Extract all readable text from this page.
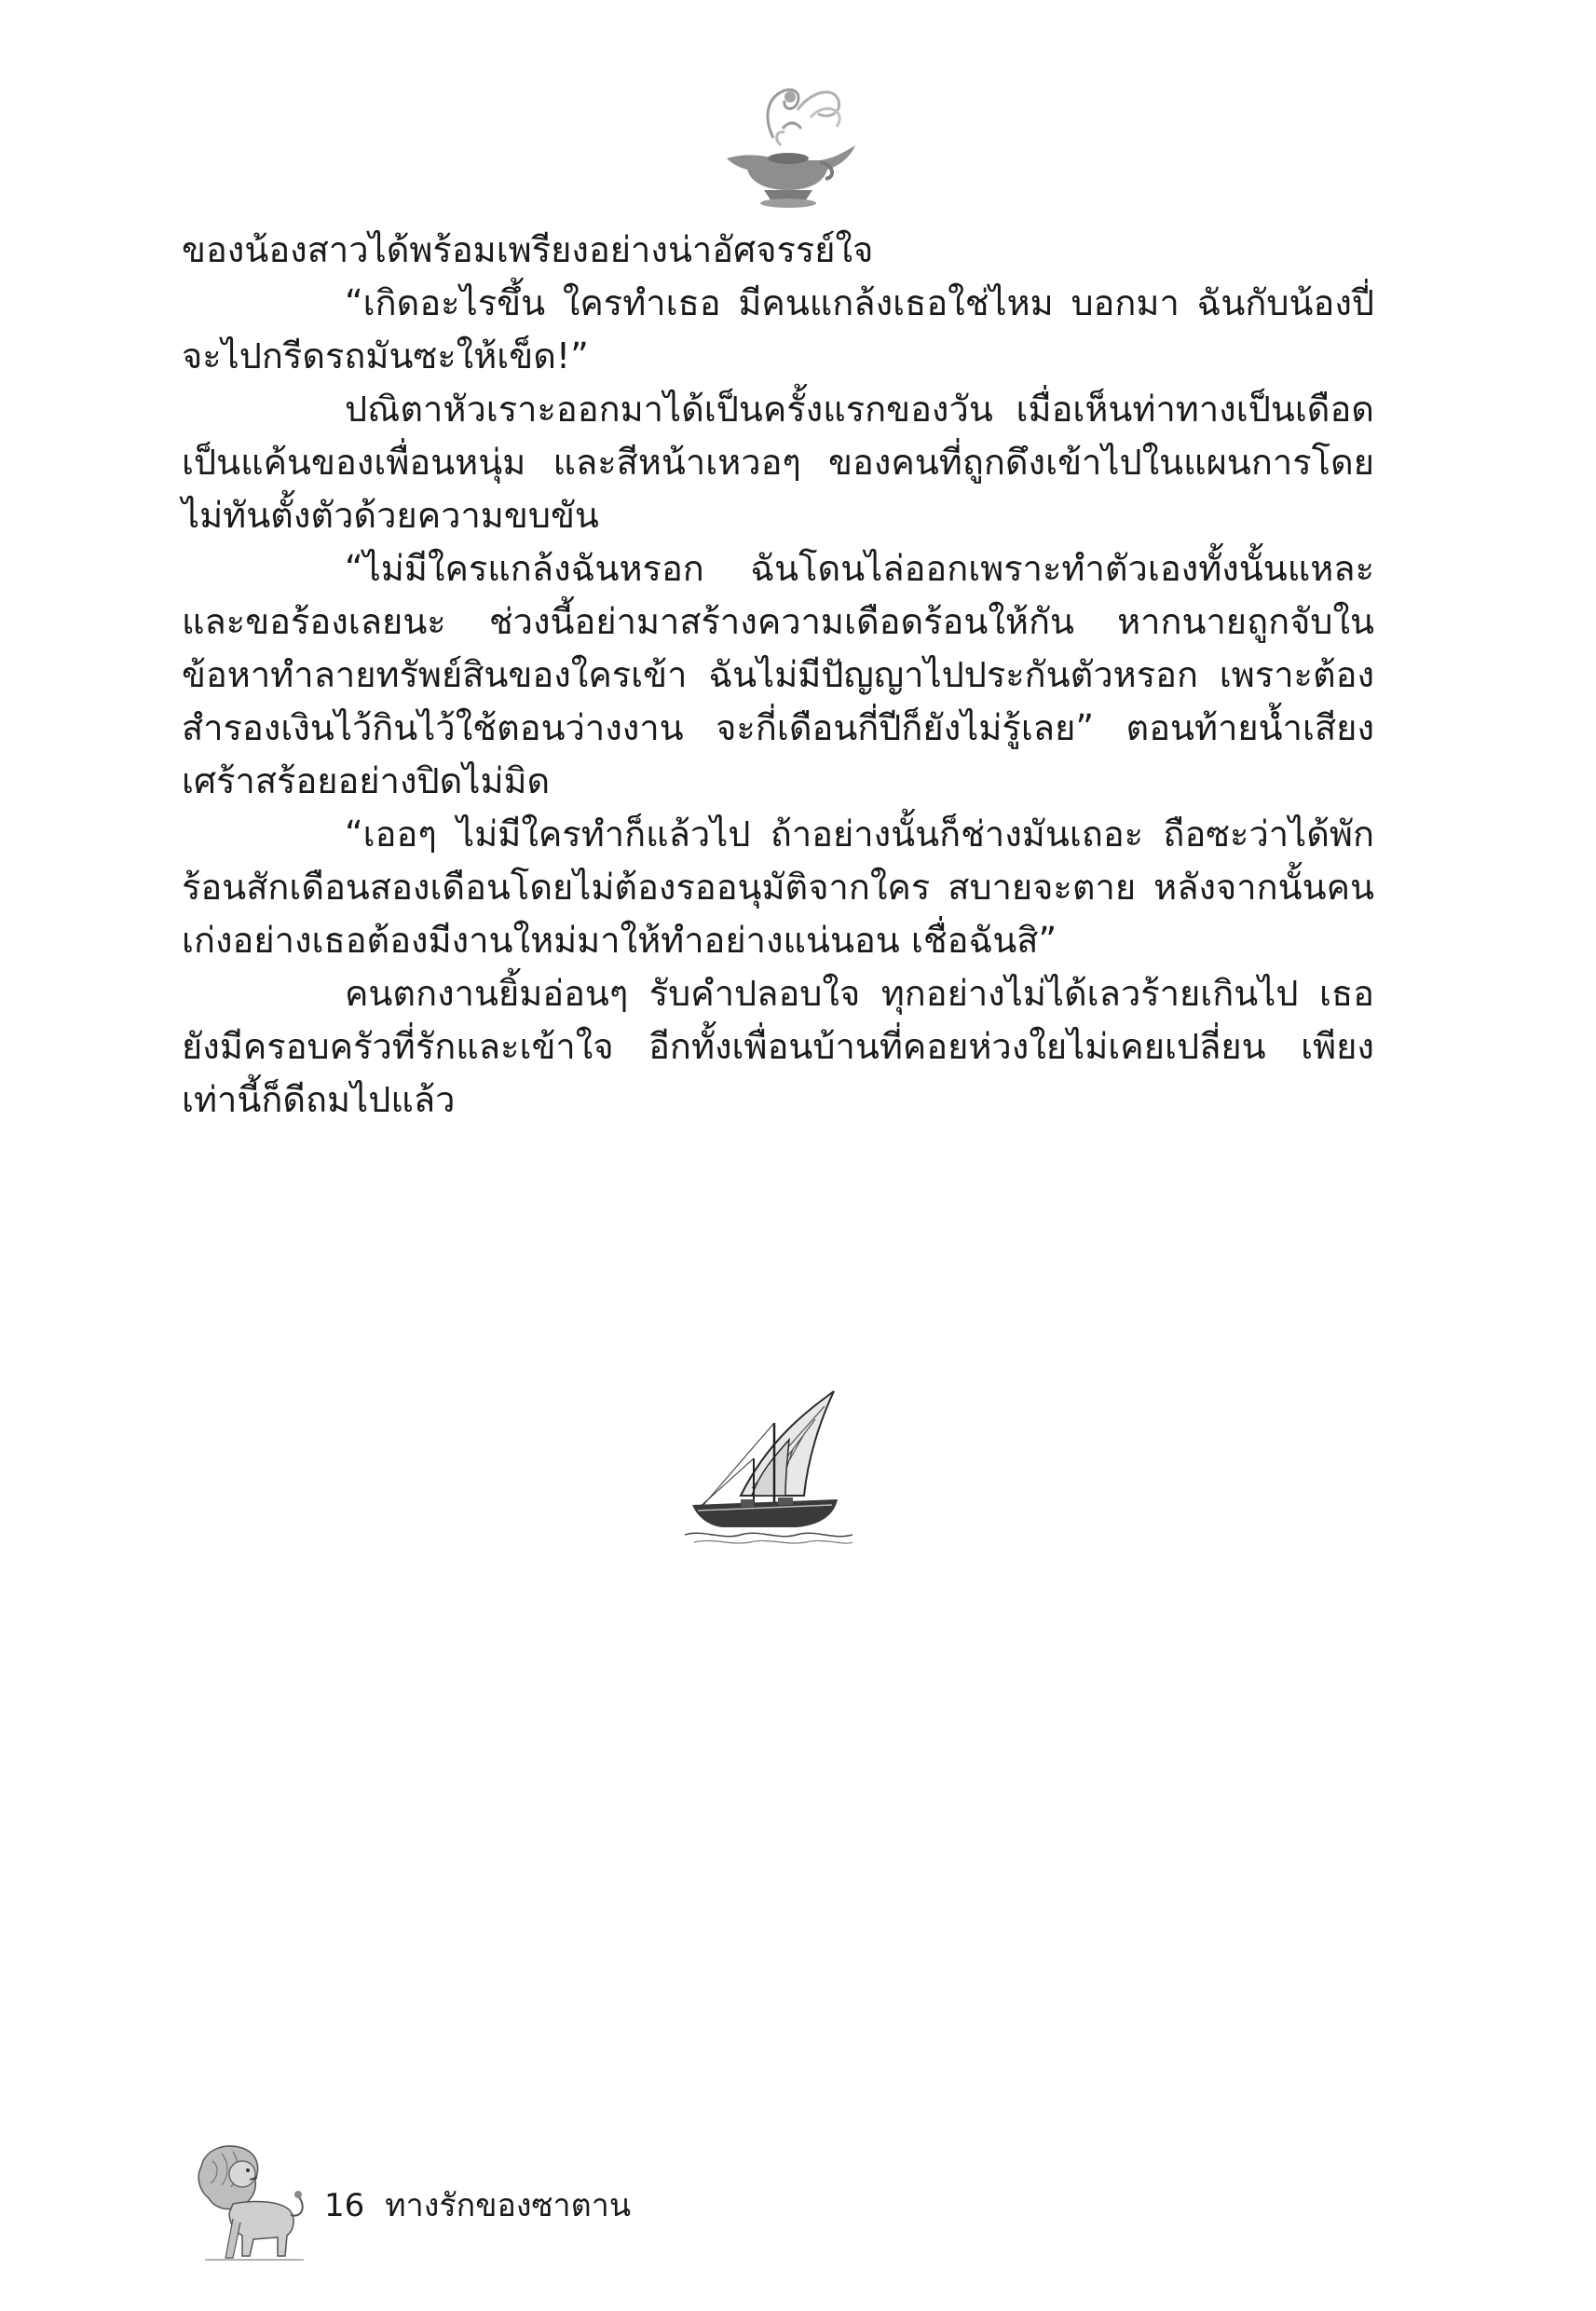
ของน้องสาวได้พร้อมเพรียงอย่างน่าอัศจรรย์ใจ

“เกิดอะไรขึ้น ใครทำเธอ มีคนแกล้งเธอใช่ไหม บอกมา ฉันกับน้องปี่จะไปกรีดรถมันซะให้เข็ด!”

ปณิตาหัวเราะออกมาได้เป็นครั้งแรกของวัน เมื่อเห็นท่าทางเป็นเดือดเป็นแค้นของเพื่อนหนุ่ม และสีหน้าเหวอๆ ของคนที่ถูกดึงเข้าไปในแผนการโดยไม่ทันตั้งตัวด้วยความขบขัน

“ไม่มีใครแกล้งฉันหรอก ฉันโดนไล่ออกเพราะทำตัวเองทั้งนั้นแหละ และขอร้องเลยนะ ช่วงนี้อย่ามาสร้างความเดือดร้อนให้กัน หากนายถูกจับในข้อหาทำลายทรัพย์สินของใครเข้า ฉันไม่มีปัญญาไปประกันตัวหรอก เพราะต้องสำรองเงินไว้กินไว้ใช้ตอนว่างงาน จะกี่เดือนกี่ปีก็ยังไม่รู้เลย” ตอนท้ายน้ำเสียงเศร้าสร้อยอย่างปิดไม่มิด

“เออๆ ไม่มีใครทำก็แล้วไป ถ้าอย่างนั้นก็ช่างมันเถอะ ถือซะว่าได้พักร้อนสักเดือนสองเดือนโดยไม่ต้องรออนุมัติจากใคร สบายจะตาย หลังจากนั้นคนเก่งอย่างเธอต้องมีงานใหม่มาให้ทำอย่างแน่นอน เชื่อฉันสิ”

คนตกงานยิ้มอ่อนๆ รับคำปลอบใจ ทุกอย่างไม่ได้เลวร้ายเกินไป เธอยังมีครอบครัวที่รักและเข้าใจ อีกทั้งเพื่อนบ้านที่คอยห่วงใยไม่เคยเปลี่ยน เพียงเท่านี้ก็ดีถมไปแล้ว

16 ทางรักของซาตาน
